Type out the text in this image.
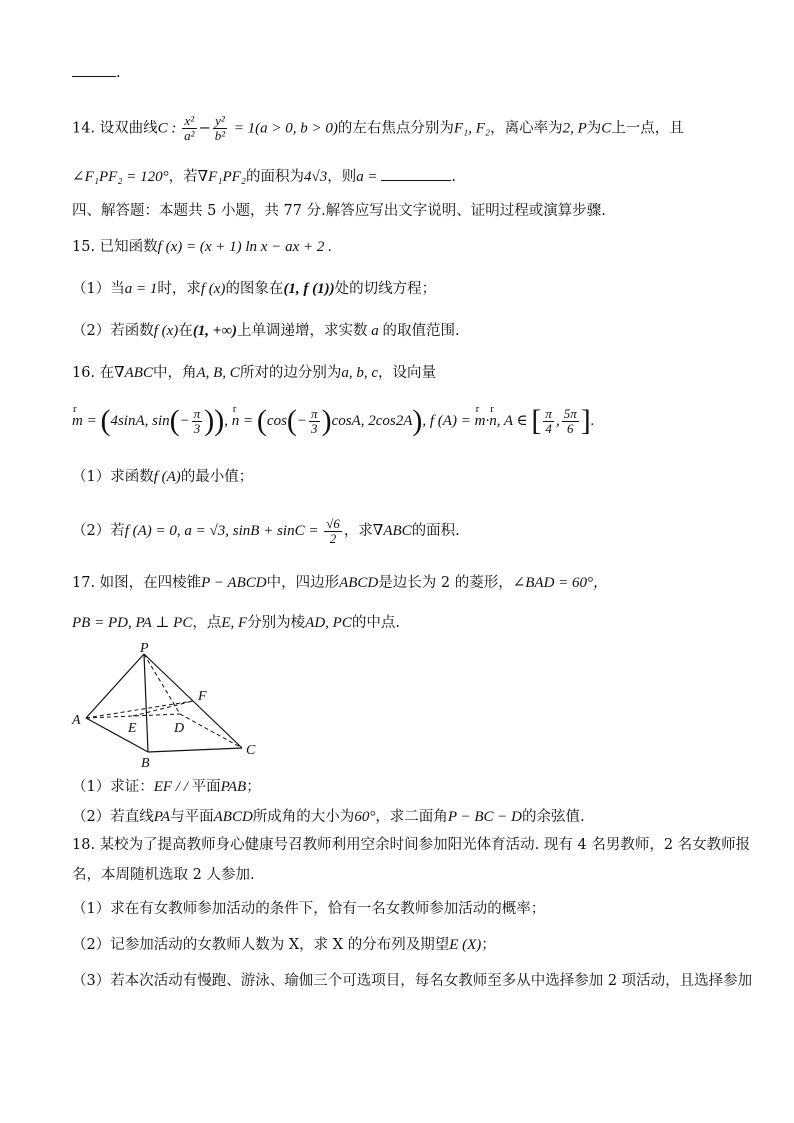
.
14. 设双曲线C : $\frac{\text{x²}}{\text{a²}} - \frac{\text{y²}}{\text{b²}} = 1(a > 0$, b > 0)的左右焦点分别为F₁, F₂，离心率为2, P为C上一点，且
∠F₁PF₂ = 120°，若∇F₁PF₂的面积为4√3，则a =	.
四、解答题：本题共 5 小题，共 77 分.解答应写出文字说明、证明过程或演算步骤.
15. 已知函数f (x) = (x + 1) ln x − ax + 2 .
（1）当a = 1时，求f (x)的图象在(1, f (1))处的切线方程；
（2）若函数f (x)在(1, +∞)上单调递增，求实数 a 的取值范围.
16. 在∇ABC中，角A, B, C所对的边分别为a, b, c，设向量
r
m = (4sinA, $\sin(- \frac{\pi}{3}$ )),
r
$n = (\cos(- \frac{\pi}{3} )\cos A$, 2cos2A), f (A) =
r
m·
r
n, A ∈ [ $\frac{\pi}{4}$ , $\frac{5\pi}{6}$ ].
（1）求函数f (A)的最小值；
（2）若f (A) = 0, a = √3, $\sin B + \sin C = \frac{√6}{2}$ ，求∇ABC的面积.
17. 如图，在四棱锥P − ABCD中，四边形ABCD是边长为 2 的菱形，∠BAD = 60°，
PB = PD, PA ⊥ PC，点E, F分别为棱AD, PC的中点.
P
F
A
E	D
B
C
（1）求证：EF / / 平面PAB；
（2）若直线PA与平面ABCD所成角的大小为60°，求二面角P − BC − D的余弦值.
18. 某校为了提高教师身心健康号召教师利用空余时间参加阳光体育活动. 现有 4 名男教师，2 名女教师报
名，本周随机选取 2 人参加.
（1）求在有女教师参加活动的条件下，恰有一名女教师参加活动的概率；
（2）记参加活动的女教师人数为 X，求 X 的分布列及期望E (X)；
（3）若本次活动有慢跑、游泳、瑜伽三个可选项目，每名女教师至多从中选择参加 2 项活动，且选择参加
